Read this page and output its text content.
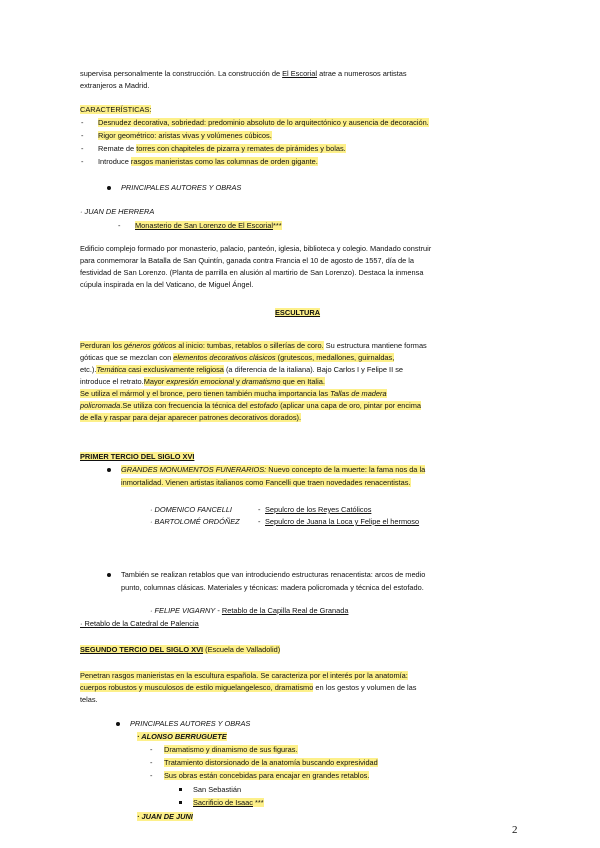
supervisa personalmente la construcción. La construcción de El Escorial atrae a numerosos artistas
extranjeros a Madrid.
CARACTERÍSTICAS:
- Desnudez decorativa, sobriedad: predominio absoluto de lo arquitectónico y ausencia de decoración.
- Rigor geométrico: aristas vivas y volúmenes cúbicos.
- Remate de torres con chapiteles de pizarra y remates de pirámides y bolas.
- Introduce rasgos manieristas como las columnas de orden gigante.
PRINCIPALES AUTORES Y OBRAS
· JUAN DE HERRERA
- Monasterio de San Lorenzo de El Escorial***
Edificio complejo formado por monasterio, palacio, panteón, iglesia, biblioteca y colegio. Mandado construir
para conmemorar la Batalla de San Quintín, ganada contra Francia el 10 de agosto de 1557, día de la
festividad de San Lorenzo. (Planta de parrilla en alusión al martirio de San Lorenzo). Destaca la inmensa
cúpula inspirada en la del Vaticano, de Miguel Ángel.
ESCULTURA
Perduran los géneros góticos al inicio: tumbas, retablos o sillerías de coro. Su estructura mantiene formas
góticas que se mezclan con elementos decorativos clásicos (grutescos, medallones, guirnaldas,
etc.).Temática casi exclusivamente religiosa (a diferencia de la italiana). Bajo Carlos I y Felipe II se
introduce el retrato.Mayor expresión emocional y dramatismo que en Italia.
Se utiliza el mármol y el bronce, pero tienen también mucha importancia las Tallas de madera
policromada.Se utiliza con frecuencia la técnica del estofado (aplicar una capa de oro, pintar por encima
de ella y raspar para dejar aparecer patrones decorativos dorados).
PRIMER TERCIO DEL SIGLO XVI
GRANDES MONUMENTOS FUNERARIOS: Nuevo concepto de la muerte: la fama nos da la
inmortalidad. Vienen artistas italianos como Fancelli que traen novedades renacentistas.
· DOMENICO FANCELLI	- Sepulcro de los Reyes Católicos
· BARTOLOMÉ ORDÓÑEZ - Sepulcro de Juana la Loca y Felipe el hermoso
También se realizan retablos que van introduciendo estructuras renacentista: arcos de medio
punto, columnas clásicas. Materiales y técnicas: madera policromada y técnica del estofado.
· FELIPE VIGARNY - Retablo de la Capilla Real de Granada
· Retablo de la Catedral de Palencia
SEGUNDO TERCIO DEL SIGLO XVI (Escuela de Valladolid)
Penetran rasgos manieristas en la escultura española. Se caracteriza por el interés por la anatomía:
cuerpos robustos y musculosos de estilo miguelangelesco, dramatismo en los gestos y volumen de las
telas.
PRINCIPALES AUTORES Y OBRAS
· ALONSO BERRUGUETE
- Dramatismo y dinamismo de sus figuras.
- Tratamiento distorsionado de la anatomía buscando expresividad
- Sus obras están concebidas para encajar en grandes retablos.
San Sebastián
Sacrificio de Isaac ***
· JUAN DE JUNI
2
